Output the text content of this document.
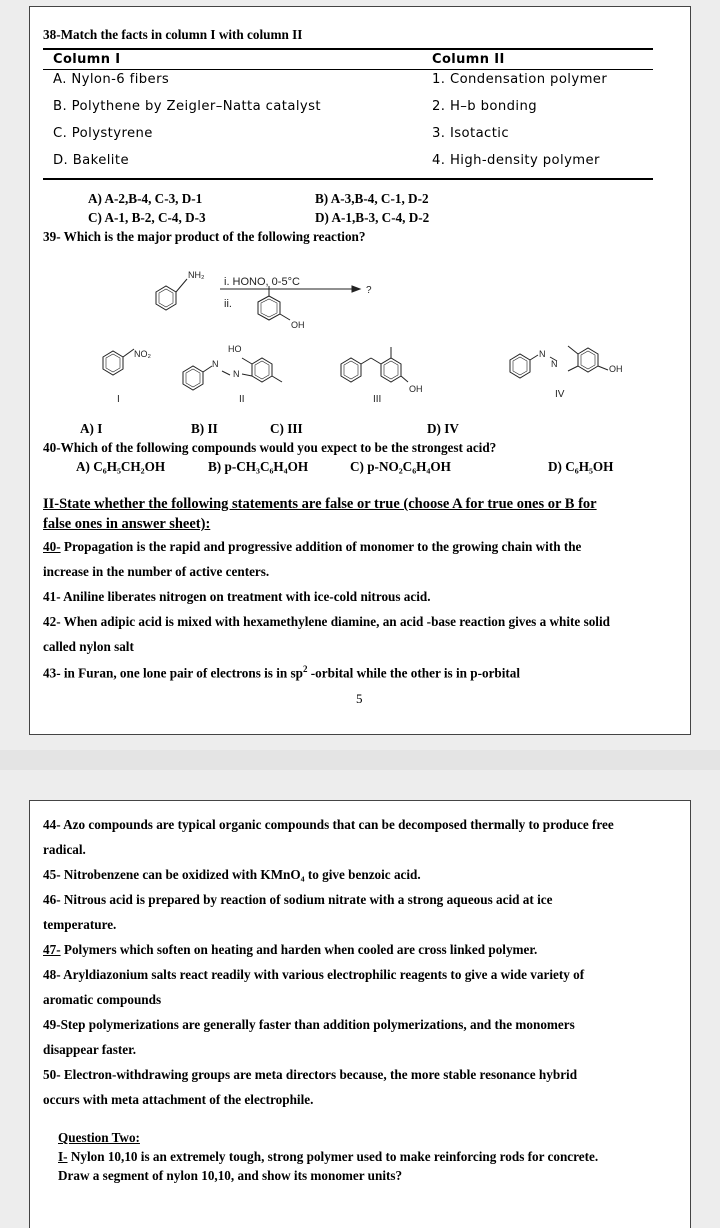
38-Match the facts in column I with column II
Column I	Column II
A. Nylon-6 fibers	1. Condensation polymer
B. Polythene by Zeigler–Natta catalyst	2. H–b bonding
C. Polystyrene	3. Isotactic
D. Bakelite	4. High-density polymer
A) A-2,B-4, C-3, D-1	B) A-3,B-4, C-1, D-2
C) A-1, B-2, C-4, D-3	D) A-1,B-3, C-4, D-2
39- Which is the major product of the following reaction?
NH₂
i. HONO, 0-5°C
ii.
?
OH
NO₂
N
N
HO
OH
N
N	OH
I	II	III	IV
A) I	B) II	C) III	D) IV
40-Which of the following compounds would you expect to be the strongest acid?
A) C₆H₅CH₂OH	B) p-CH₃C₆H₄OH	C) p-NO₂C₆H₄OH	D) C₆H₅OH
II-State whether the following statements are false or true (choose A for true ones or B for
false ones in answer sheet):
40- Propagation is the rapid and progressive addition of monomer to the growing chain with the
increase in the number of active centers.
41- Aniline liberates nitrogen on treatment with ice-cold nitrous acid.
42- When adipic acid is mixed with hexamethylene diamine, an acid -base reaction gives a white solid
called nylon salt
43- in Furan, one lone pair of electrons is in $sp^2$ -orbital while the other is in p-orbital
5
44- Azo compounds are typical organic compounds that can be decomposed thermally to produce free
radical.
45- Nitrobenzene can be oxidized with KMnO₄ to give benzoic acid.
46- Nitrous acid is prepared by reaction of sodium nitrate with a strong aqueous acid at ice
temperature.
47- Polymers which soften on heating and harden when cooled are cross linked polymer.
48- Aryldiazonium salts react readily with various electrophilic reagents to give a wide variety of
aromatic compounds
49-Step polymerizations are generally faster than addition polymerizations, and the monomers
disappear faster.
50- Electron-withdrawing groups are meta directors because, the more stable resonance hybrid
occurs with meta attachment of the electrophile.
Question Two:
I- Nylon 10,10 is an extremely tough, strong polymer used to make reinforcing rods for concrete.
Draw a segment of nylon 10,10, and show its monomer units?
